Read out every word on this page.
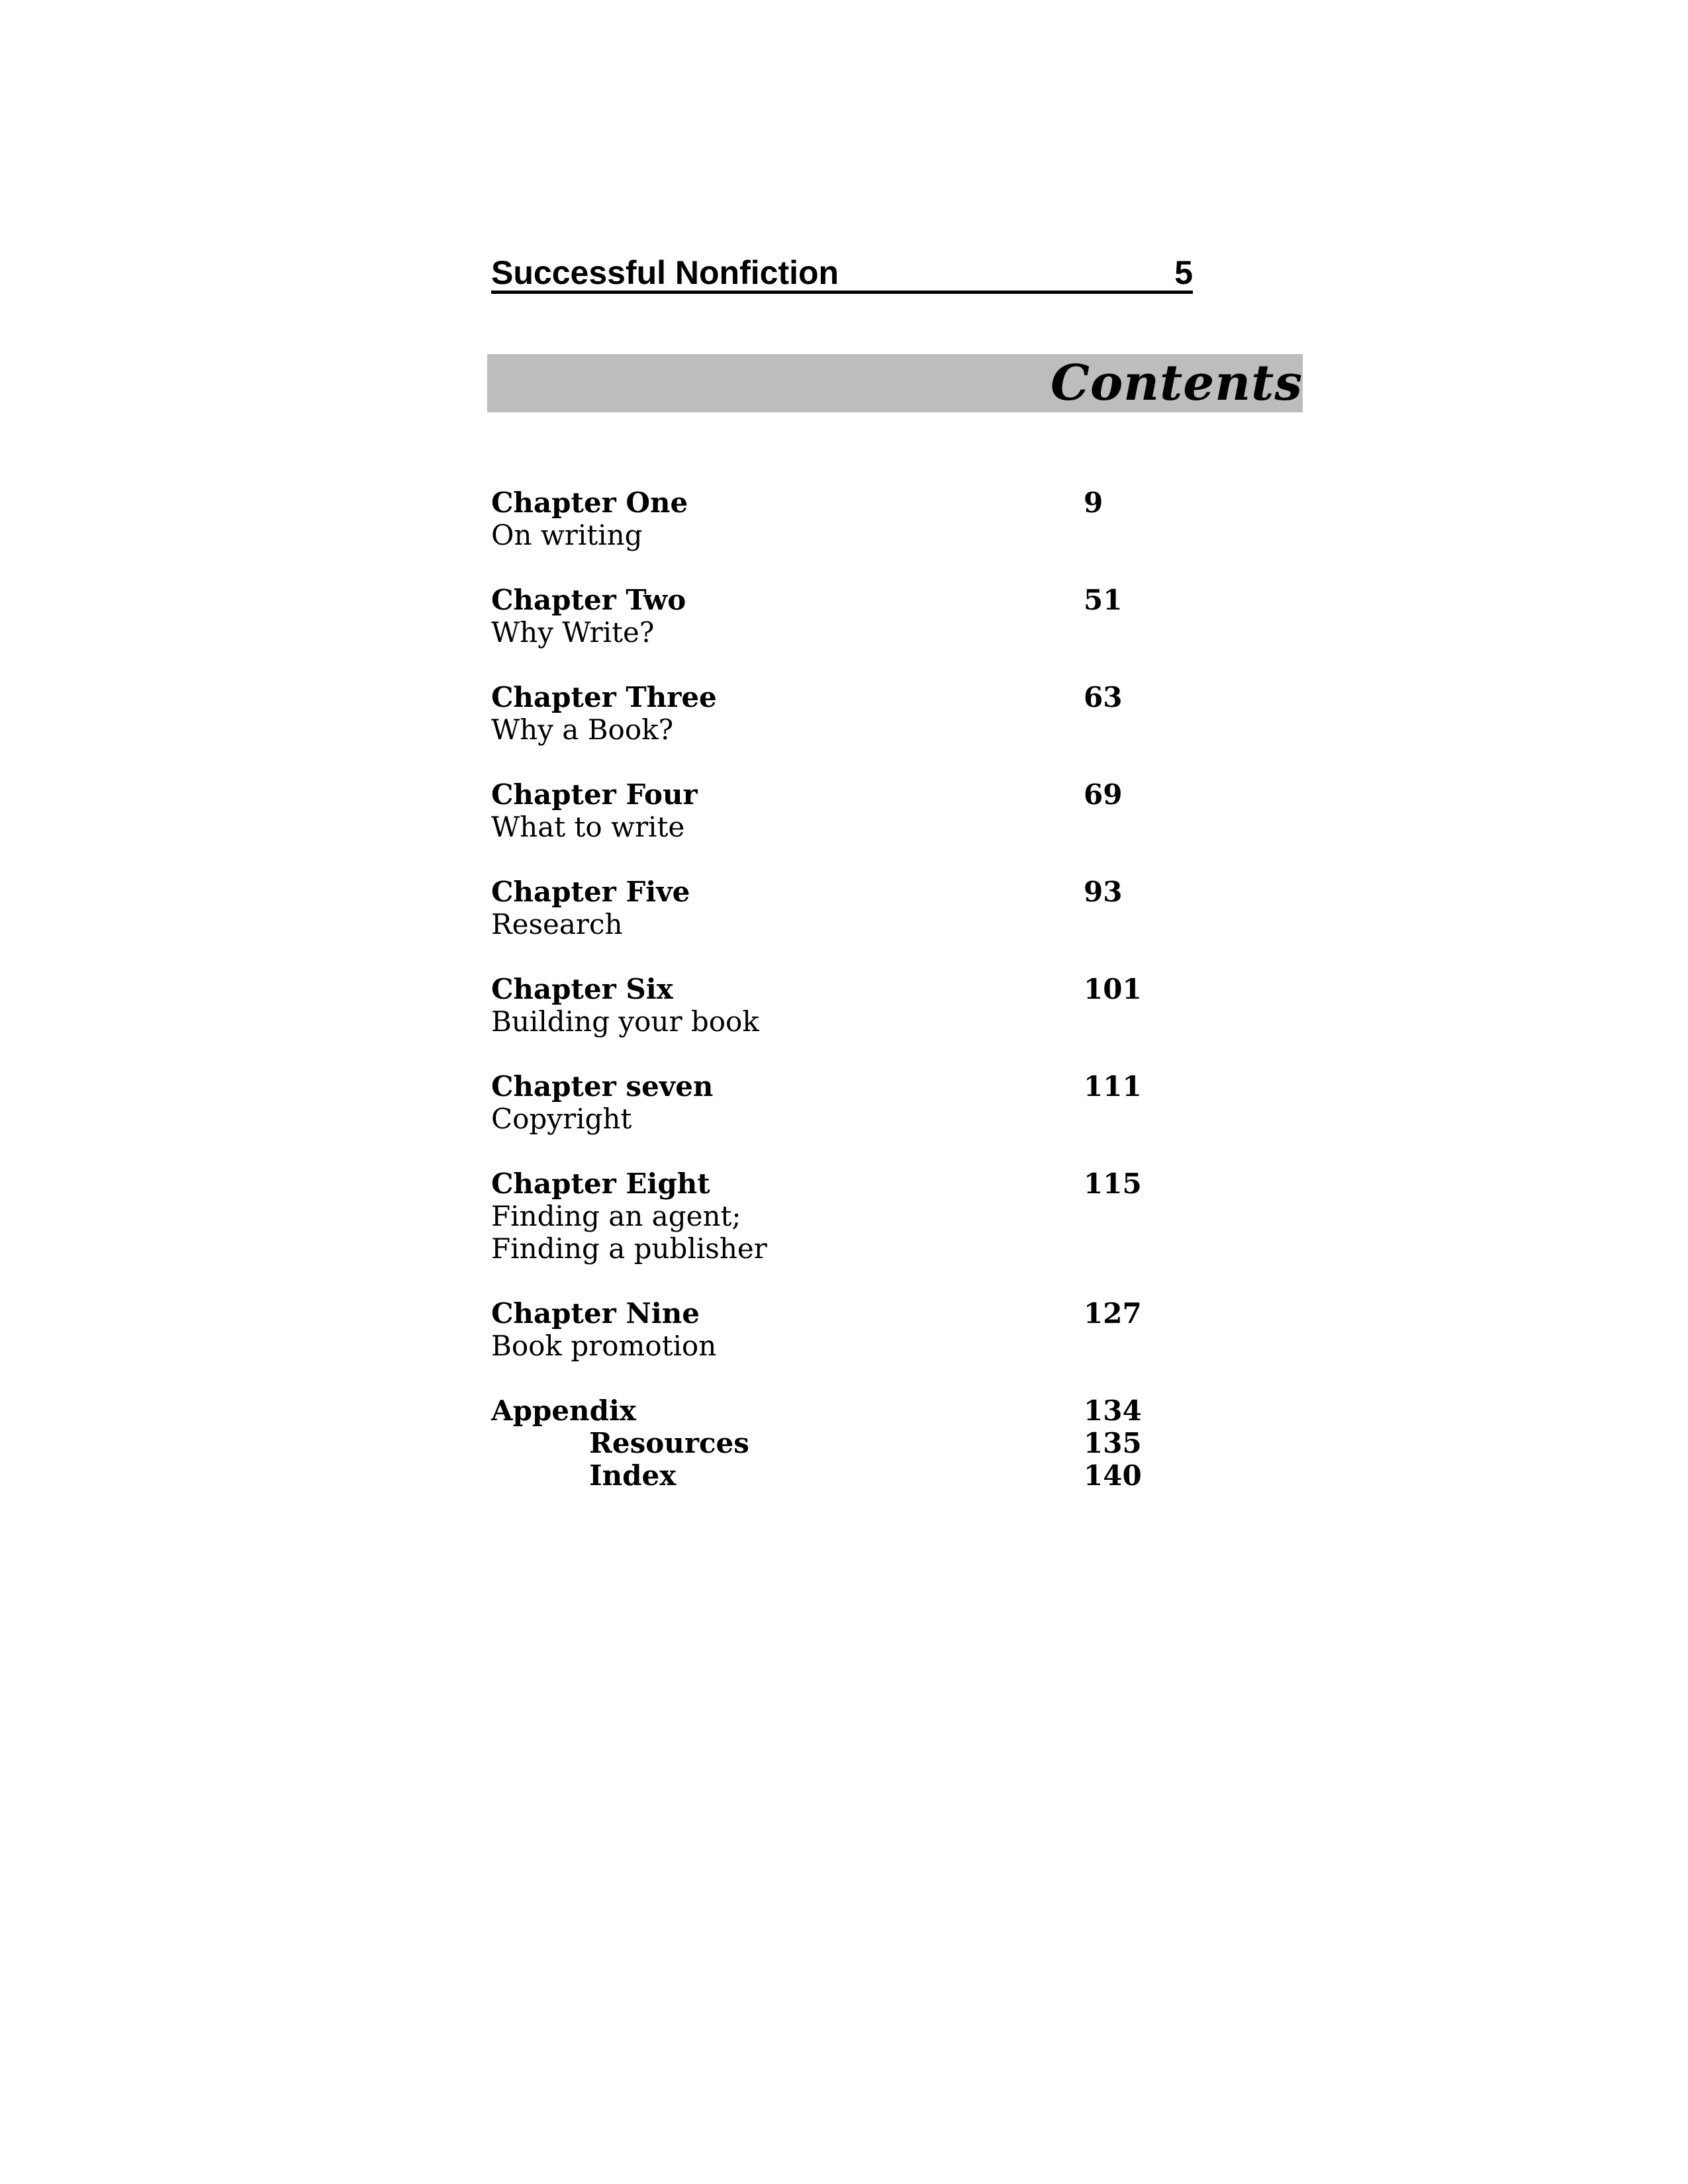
Successful Nonfiction	5
Contents
Chapter One	9
On writing
Chapter Two	51
Why Write?
Chapter Three	63
Why a Book?
Chapter Four	69
What to write
Chapter Five	93
Research
Chapter Six	101
Building your book
Chapter seven	111
Copyright
Chapter Eight	115
Finding an agent;
Finding a publisher
Chapter Nine	127
Book promotion
Appendix	134
Resources	135
Index	140
